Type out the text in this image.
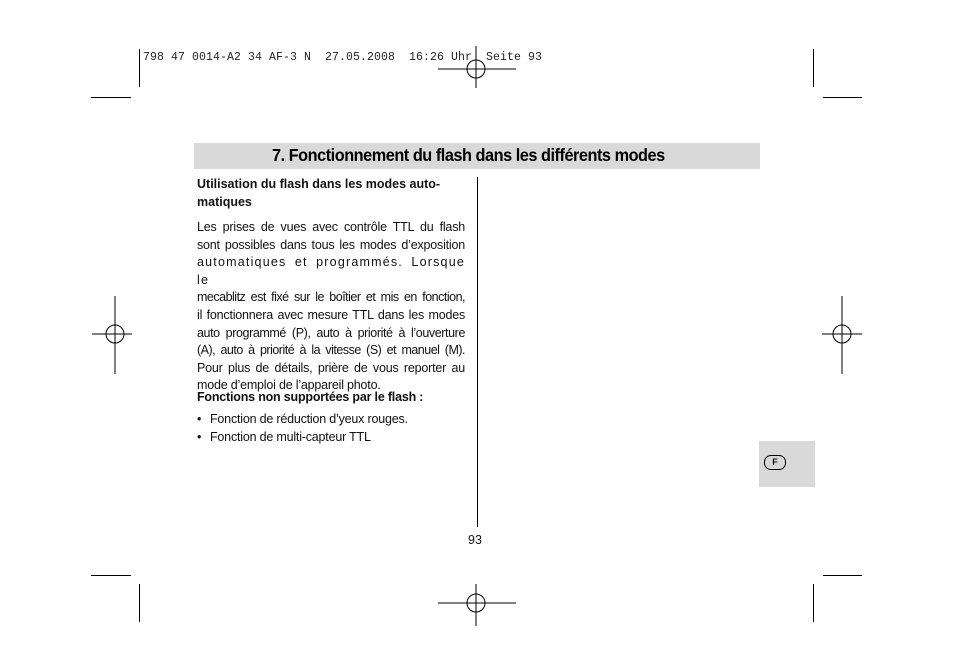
798 47 0014-A2 34 AF-3 N  27.05.2008  16:26 Uhr  Seite 93
7. Fonctionnement du flash dans les différents modes
Utilisation du flash dans les modes auto-
matiques
Les prises de vues avec contrôle TTL du flash
sont possibles dans tous les modes d’exposition
automatiques et programmés. Lorsque le
mecablitz est fixé sur le boîtier et mis en fonction,
il fonctionnera avec mesure TTL dans les modes
auto programmé (P), auto à priorité à l’ouverture
(A), auto à priorité à la vitesse (S) et manuel (M).
Pour plus de détails, prière de vous reporter au
mode d’emploi de l’appareil photo.
Fonctions non supportées par le flash :
• Fonction de réduction d’yeux rouges.
• Fonction de multi-capteur TTL
93
F
